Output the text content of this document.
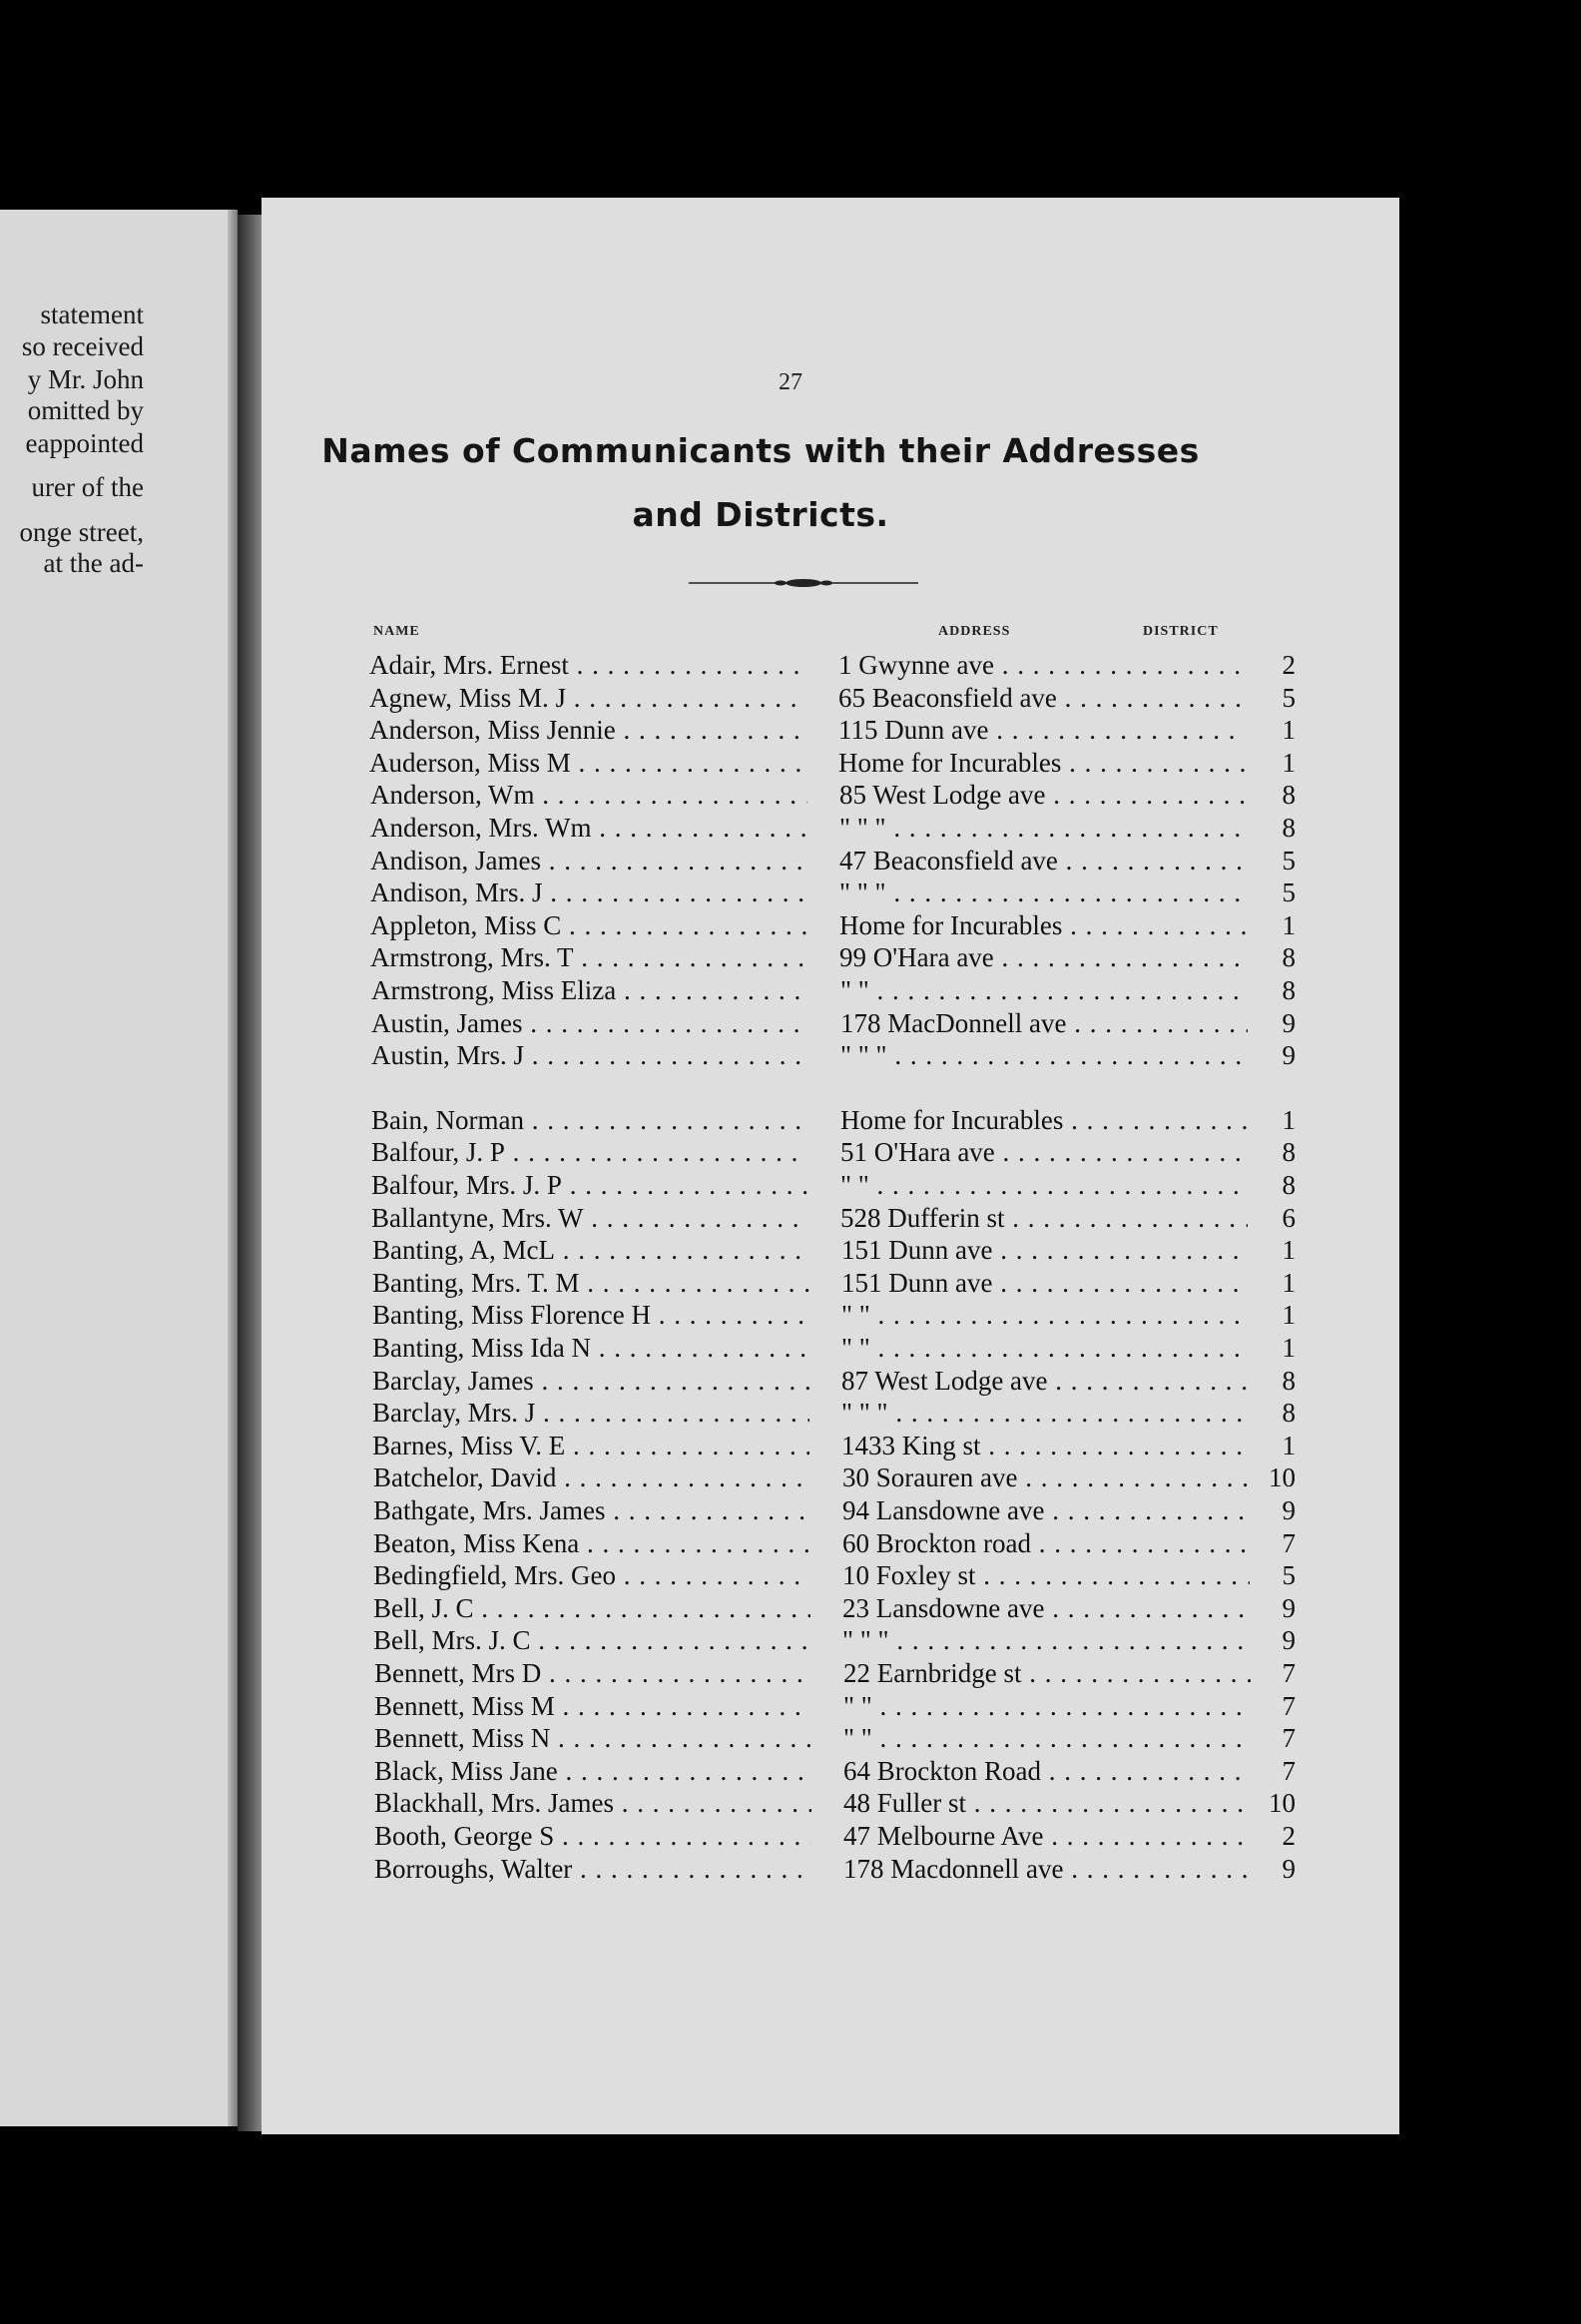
statement
so received
y Mr. John
omitted by
eappointed
urer of the
onge street,
at the ad-
27
Names of Communicants with their Addresses
and Districts.
NAME	ADDRESS	DISTRICT
Adair, Mrs. Ernest . . .	1 Gwynne ave . . .	2
Agnew, Miss M. J . . .	65 Beaconsfield ave . . .	5
Anderson, Miss Jennie . . .	115 Dunn ave . . .	1
Auderson, Miss M . . .	Home for Incurables . . .	1
Anderson, Wm . . .	85 West Lodge ave . . .	8
Anderson, Mrs. Wm . . .	" " " . . .	8
Andison, James . . .	47 Beaconsfield ave . . .	5
Andison, Mrs. J . . .	" " " . . .	5
Appleton, Miss C . . .	Home for Incurables . . .	1
Armstrong, Mrs. T . . .	99 O'Hara ave . . .	8
Armstrong, Miss Eliza . . .	" " . . .	8
Austin, James . . .	178 MacDonnell ave . . .	9
Austin, Mrs. J . . .	" " " . . .	9
Bain, Norman . . .	Home for Incurables . . .	1
Balfour, J. P . . .	51 O'Hara ave . . .	8
Balfour, Mrs. J. P . . .	" " . . .	8
Ballantyne, Mrs. W . . .	528 Dufferin st . . .	6
Banting, A, McL . . .	151 Dunn ave . . .	1
Banting, Mrs. T. M . . .	151 Dunn ave . . .	1
Banting, Miss Florence H . . .	" " . . .	1
Banting, Miss Ida N . . .	" " . . .	1
Barclay, James . . .	87 West Lodge ave . . .	8
Barclay, Mrs. J . . .	" " " . . .	8
Barnes, Miss V. E . . .	1433 King st . . .	1
Batchelor, David . . .	30 Sorauren ave . . .	10
Bathgate, Mrs. James . . .	94 Lansdowne ave . . .	9
Beaton, Miss Kena . . .	60 Brockton road . . .	7
Bedingfield, Mrs. Geo . . .	10 Foxley st . . .	5
Bell, J. C . . .	23 Lansdowne ave . . .	9
Bell, Mrs. J. C . . .	" " " . . .	9
Bennett, Mrs D . . .	22 Earnbridge st . . .	7
Bennett, Miss M . . .	" " . . .	7
Bennett, Miss N . . .	" " . . .	7
Black, Miss Jane . . .	64 Brockton Road . . .	7
Blackhall, Mrs. James . . .	48 Fuller st . . .	10
Booth, George S . . .	47 Melbourne Ave . . .	2
Borroughs, Walter . . .	178 Macdonnell ave . . .	9
